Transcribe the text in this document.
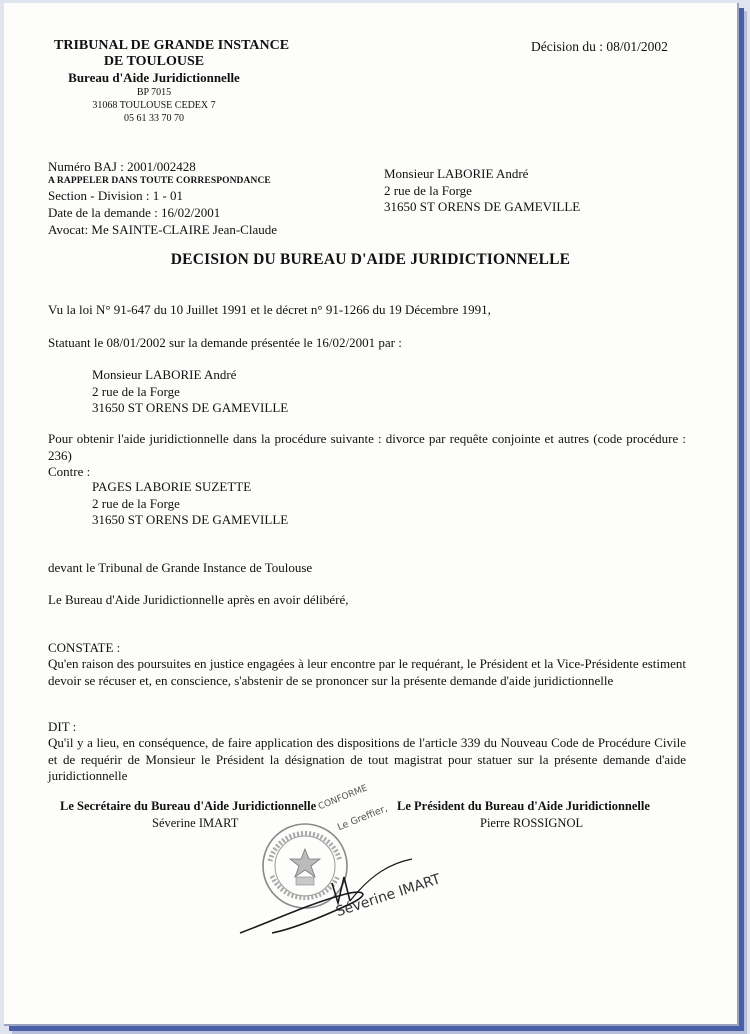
TRIBUNAL DE GRANDE INSTANCE
DE TOULOUSE
Bureau d'Aide Juridictionnelle
BP 7015
31068 TOULOUSE CEDEX 7
05 61 33 70 70
Décision du : 08/01/2002
Numéro BAJ : 2001/002428
A RAPPELER DANS TOUTE CORRESPONDANCE
Section - Division : 1 - 01
Date de la demande : 16/02/2001
Avocat: Me SAINTE-CLAIRE Jean-Claude
Monsieur LABORIE André
2 rue de la Forge
31650 ST ORENS DE GAMEVILLE
DECISION DU BUREAU D'AIDE JURIDICTIONNELLE
Vu la loi N° 91-647 du 10 Juillet 1991 et le décret n° 91-1266 du 19 Décembre 1991,
Statuant le 08/01/2002 sur la demande présentée le 16/02/2001 par :
Monsieur LABORIE André
2 rue de la Forge
31650 ST ORENS DE GAMEVILLE
Pour obtenir l'aide juridictionnelle dans la procédure suivante : divorce par requête conjointe et autres (code procédure : 236)
Contre :
PAGES LABORIE SUZETTE
2 rue de la Forge
31650 ST ORENS DE GAMEVILLE
devant le Tribunal de Grande Instance de Toulouse
Le Bureau d'Aide Juridictionnelle après en avoir délibéré,
CONSTATE :
Qu'en raison des poursuites en justice engagées à leur encontre par le requérant, le Président et la Vice-Présidente estiment devoir se récuser et, en conscience, s'abstenir de se prononcer sur la présente demande d'aide juridictionnelle
DIT :
Qu'il y a lieu, en conséquence, de faire application des dispositions de l'article 339 du Nouveau Code de Procédure Civile et de requérir de Monsieur le Président la désignation de tout magistrat pour statuer sur la présente demande d'aide juridictionnelle
Le Secrétaire du Bureau d'Aide Juridictionnelle
Séverine IMART
Le Président du Bureau d'Aide Juridictionnelle
Pierre ROSSIGNOL
CONFORME
Le Greffier,
Séverine IMART
